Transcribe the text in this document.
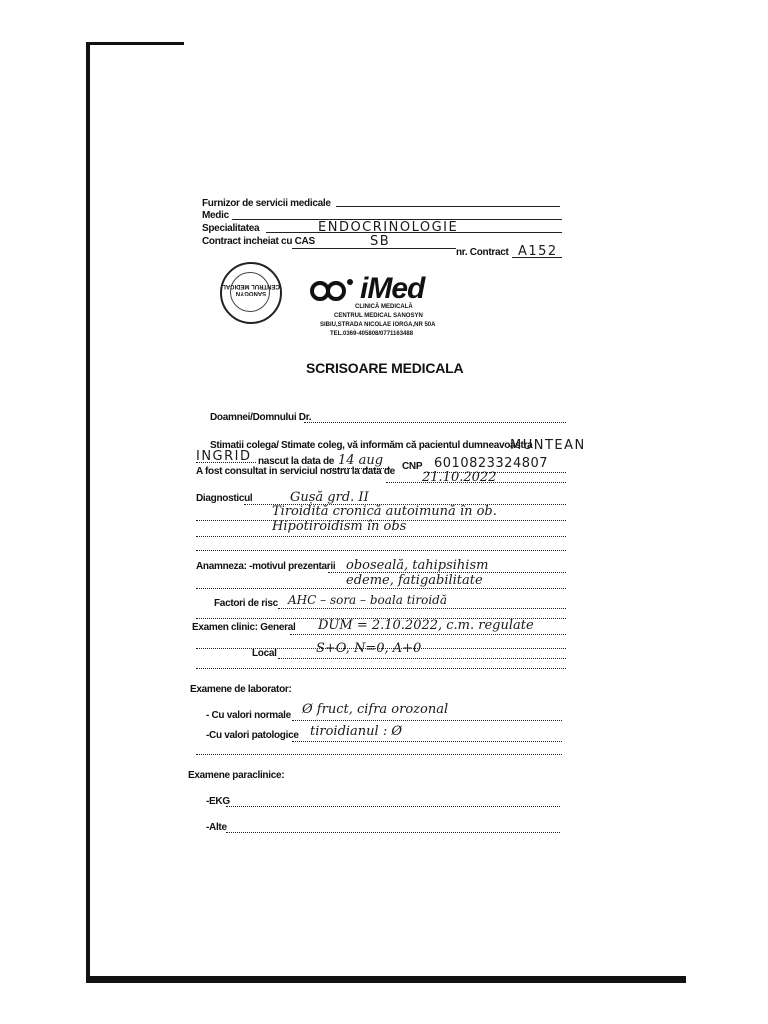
Furnizor de servicii medicale
Medic
Specialitatea	ENDOCRINOLOGIE
Contract incheiat cu CAS	SB
nr. Contract A152
SANOGYN CENTRUL MEDICAL	iMed
CLINICĂ MEDICALĂ
CENTRUL MEDICAL SANOSYN
SIBIU,STRADA NICOLAE IORGA,NR 50A
TEL.0369-405808/0771163488
SCRISOARE MEDICALA
Doamnei/Domnului Dr.
Stimatii colega/ Stimate coleg, vă informăm că pacientul dumneavoastra
MUNTEAN
INGRID nascut la data de 14 aug CNP 6010823324807
A fost consultat in serviciul nostru la data de 21.10.2022
Diagnosticul	Guṣă grd. II
Tiroidită cronică autoimună în ob.
Hipotiroidism în obs
Anamneza: -motivul prezentarii oboseală, tahipsihism
edeme, fatigabilitate
Factori de risc AHC – sora – boala tiroidă
Examen clinic: General DUM = 2.10.2022, c.m. regulate
Local	S+O, N=0, A+0
Examene de laborator:
- Cu valori normale Ø fruct, cifra orozonal
-Cu valori patologice tiroidianul : Ø
Examene paraclinice:
-EKG
-Alte
